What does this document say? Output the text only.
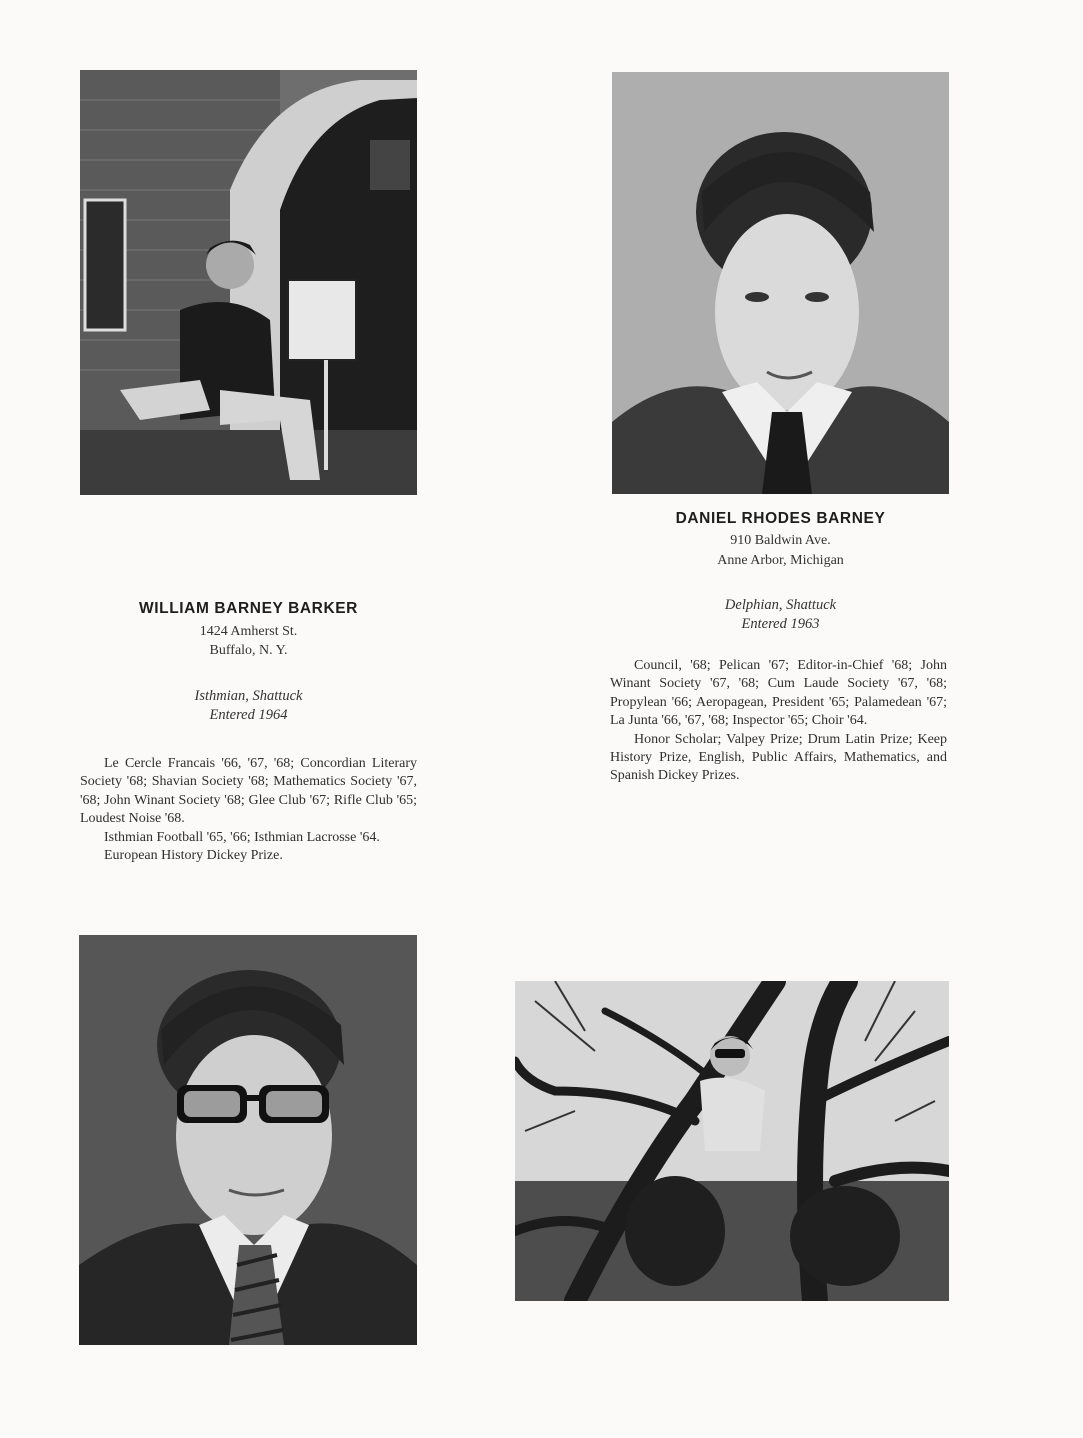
WILLIAM BARNEY BARKER
1424 Amherst St.
Buffalo, N. Y.
Isthmian, Shattuck
Entered 1964

Le Cercle Francais '66, '67, '68; Concordian Literary Society '68; Shavian Society '68; Mathematics Society '67, '68; John Winant Society '68; Glee Club '67; Rifle Club '65; Loudest Noise '68.

Isthmian Football '65, '66; Isthmian Lacrosse '64.

European History Dickey Prize.

DANIEL RHODES BARNEY
910 Baldwin Ave.
Anne Arbor, Michigan
Delphian, Shattuck
Entered 1963

Council, '68; Pelican '67; Editor-in-Chief '68; John Winant Society '67, '68; Cum Laude Society '67, '68; Propylean '66; Aeropagean, President '65; Palamedean '67; La Junta '66, '67, '68; Inspector '65; Choir '64.

Honor Scholar; Valpey Prize; Drum Latin Prize; Keep History Prize, English, Public Affairs, Mathematics, and Spanish Dickey Prizes.
